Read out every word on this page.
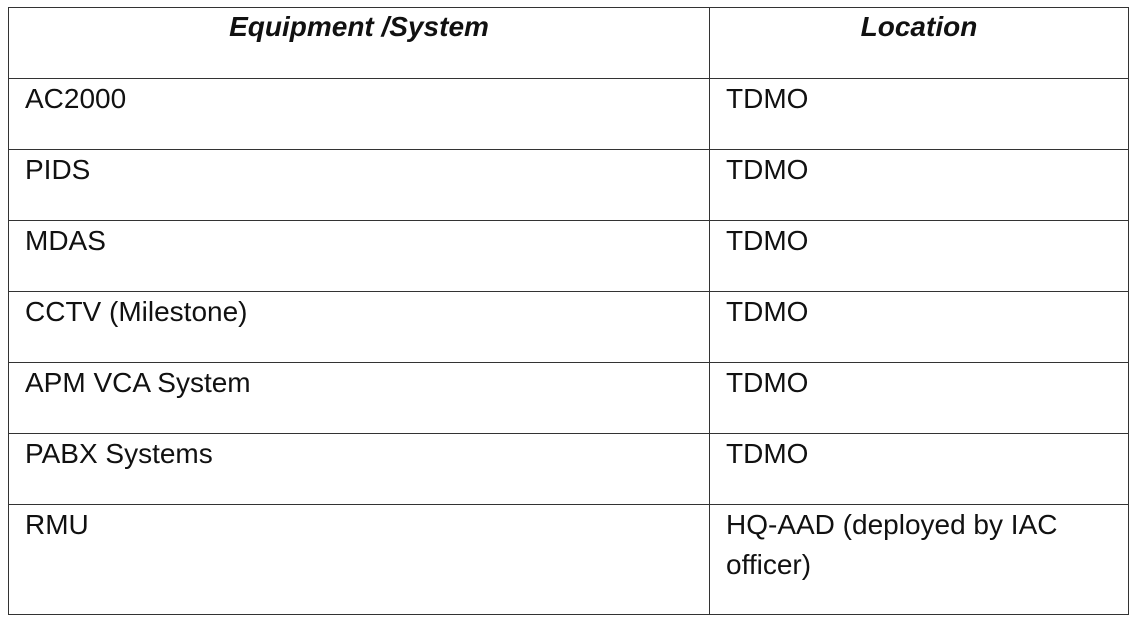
Equipment /System	Location

AC2000	TDMO

PIDS	TDMO

MDAS	TDMO

CCTV (Milestone)	TDMO

APM VCA System	TDMO

PABX Systems	TDMO

RMU	HQ-AAD (deployed by IAC officer)
